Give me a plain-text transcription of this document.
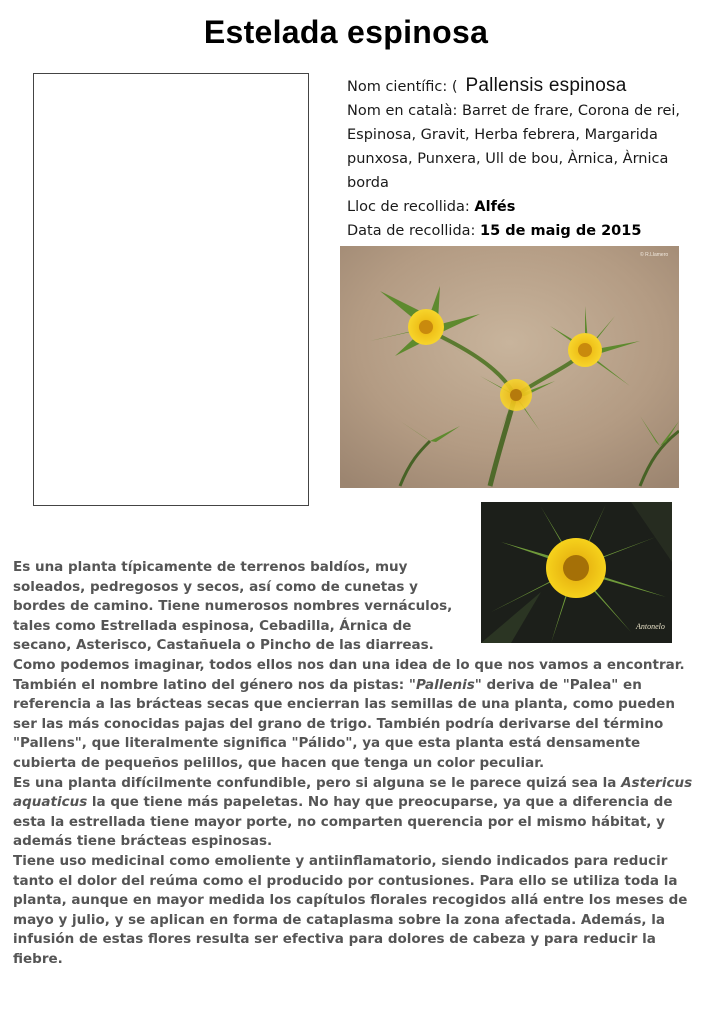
Estelada espinosa
Nom científic: ( Pallensis espinosa
Nom en català: Barret de frare, Corona de rei, Espinosa, Gravit, Herba febrera, Margarida punxosa, Punxera, Ull de bou, Àrnica, Àrnica borda
Lloc de recollida: Alfés
Data de recollida: 15 de maig de 2015
© R.Llamero
Antonelo

Es una planta típicamente de terrenos baldíos, muy soleados, pedregosos y secos, así como de cunetas y bordes de camino. Tiene numerosos nombres vernáculos, tales como Estrellada espinosa, Cebadilla, Árnica de secano, Asterisco, Castañuela o Pincho de las diarreas.

Como podemos imaginar, todos ellos nos dan una idea de lo que nos vamos a encontrar. También el nombre latino del género nos da pistas: "Pallenis" deriva de "Palea" en referencia a las brácteas secas que encierran las semillas de una planta, como pueden ser las más conocidas pajas del grano de trigo. También podría derivarse del término "Pallens", que literalmente significa "Pálido", ya que esta planta está densamente cubierta de pequeños pelillos, que hacen que tenga un color peculiar.

Es una planta difícilmente confundible, pero si alguna se le parece quizá sea la Astericus aquaticus la que tiene más papeletas. No hay que preocuparse, ya que a diferencia de esta la estrellada tiene mayor porte, no comparten querencia por el mismo hábitat, y además tiene brácteas espinosas.

Tiene uso medicinal como emoliente y antiinflamatorio, siendo indicados para reducir tanto el dolor del reúma como el producido por contusiones. Para ello se utiliza toda la planta, aunque en mayor medida los capítulos florales recogidos allá entre los meses de mayo y julio, y se aplican en forma de cataplasma sobre la zona afectada. Además, la infusión de estas flores resulta ser efectiva para dolores de cabeza y para reducir la fiebre.
